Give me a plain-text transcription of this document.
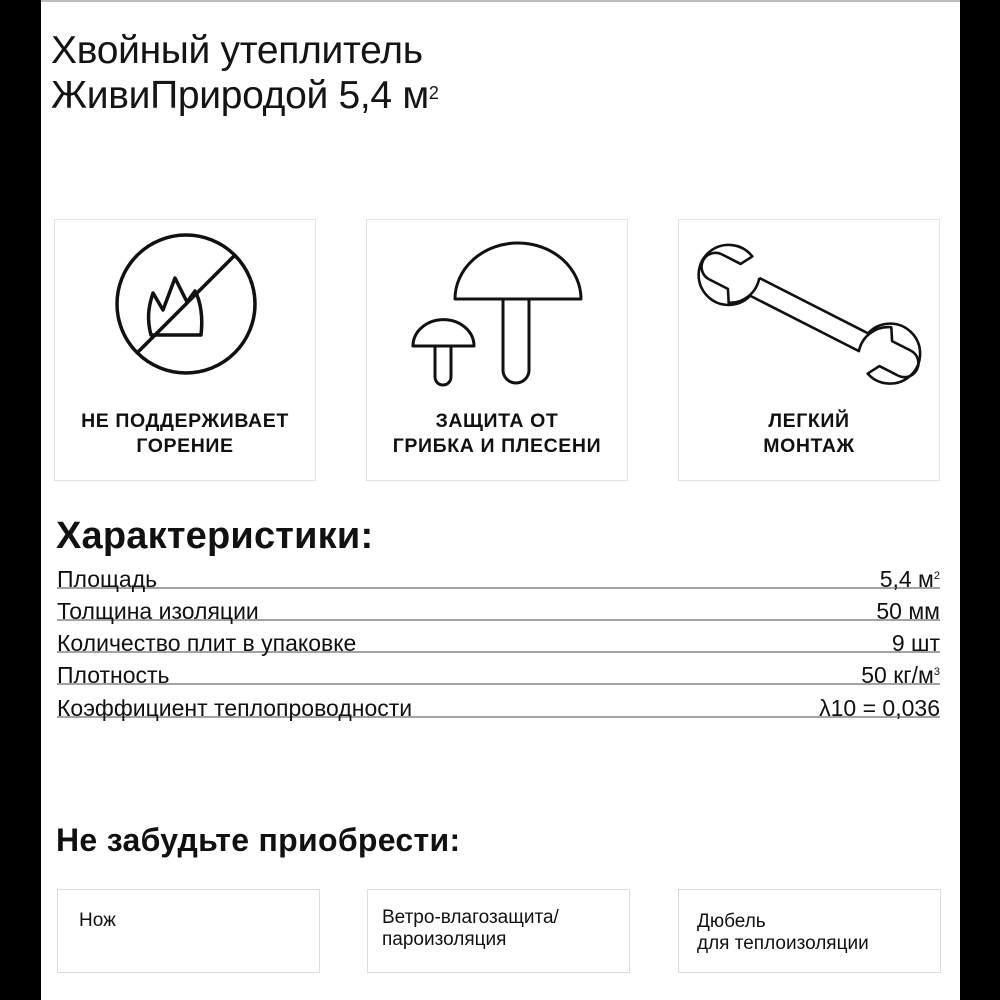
Хвойный утеплитель
ЖивиПриродой 5,4 $м^2$
НЕ ПОДДЕРЖИВАЕТ
ГОРЕНИЕ
ЗАЩИТА ОТ
ГРИБКА И ПЛЕСЕНИ
ЛЕГКИЙ
МОНТАЖ
Характеристики:
Площадь	5,4 $м^2$
Толщина изоляции	50 мм
Количество плит в упаковке	9 шт
Плотность	50 $кг/м^3$
Коэффициент теплопроводности	λ10 = 0,036
Не забудьте приобрести:
Нож	Ветро-влагозащита/
пароизоляция
Дюбель
для теплоизоляции
